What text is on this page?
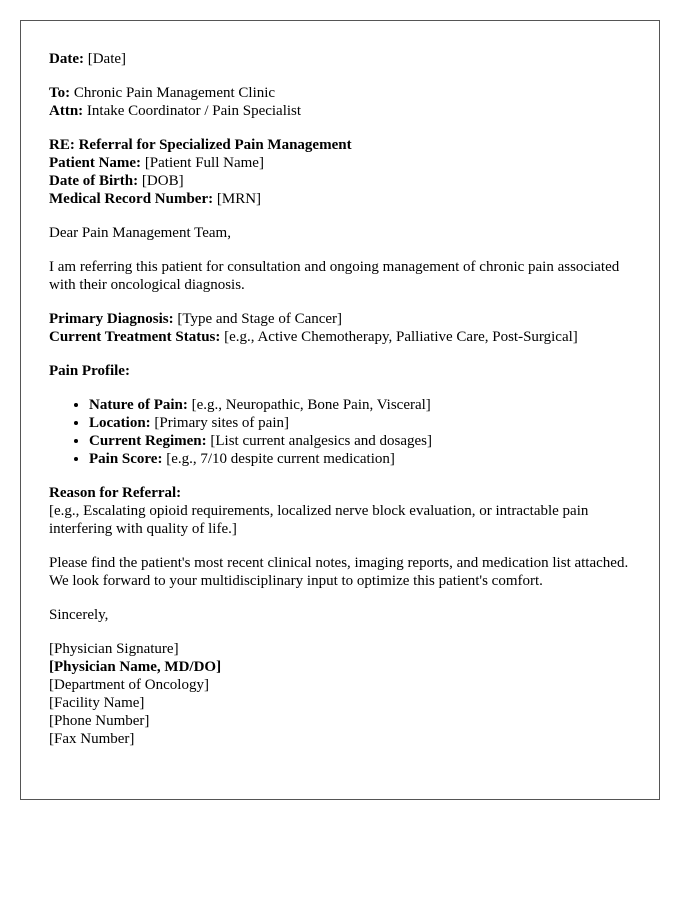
Date: [Date]
To: Chronic Pain Management Clinic
Attn: Intake Coordinator / Pain Specialist
RE: Referral for Specialized Pain Management
Patient Name: [Patient Full Name]
Date of Birth: [DOB]
Medical Record Number: [MRN]
Dear Pain Management Team,
I am referring this patient for consultation and ongoing management of chronic pain associated with their oncological diagnosis.
Primary Diagnosis: [Type and Stage of Cancer]
Current Treatment Status: [e.g., Active Chemotherapy, Palliative Care, Post-Surgical]
Pain Profile:
• Nature of Pain: [e.g., Neuropathic, Bone Pain, Visceral]
• Location: [Primary sites of pain]
• Current Regimen: [List current analgesics and dosages]
• Pain Score: [e.g., 7/10 despite current medication]
Reason for Referral:
[e.g., Escalating opioid requirements, localized nerve block evaluation, or intractable pain interfering with quality of life.]
Please find the patient's most recent clinical notes, imaging reports, and medication list attached. We look forward to your multidisciplinary input to optimize this patient's comfort.
Sincerely,
[Physician Signature]
[Physician Name, MD/DO]
[Department of Oncology]
[Facility Name]
[Phone Number]
[Fax Number]
